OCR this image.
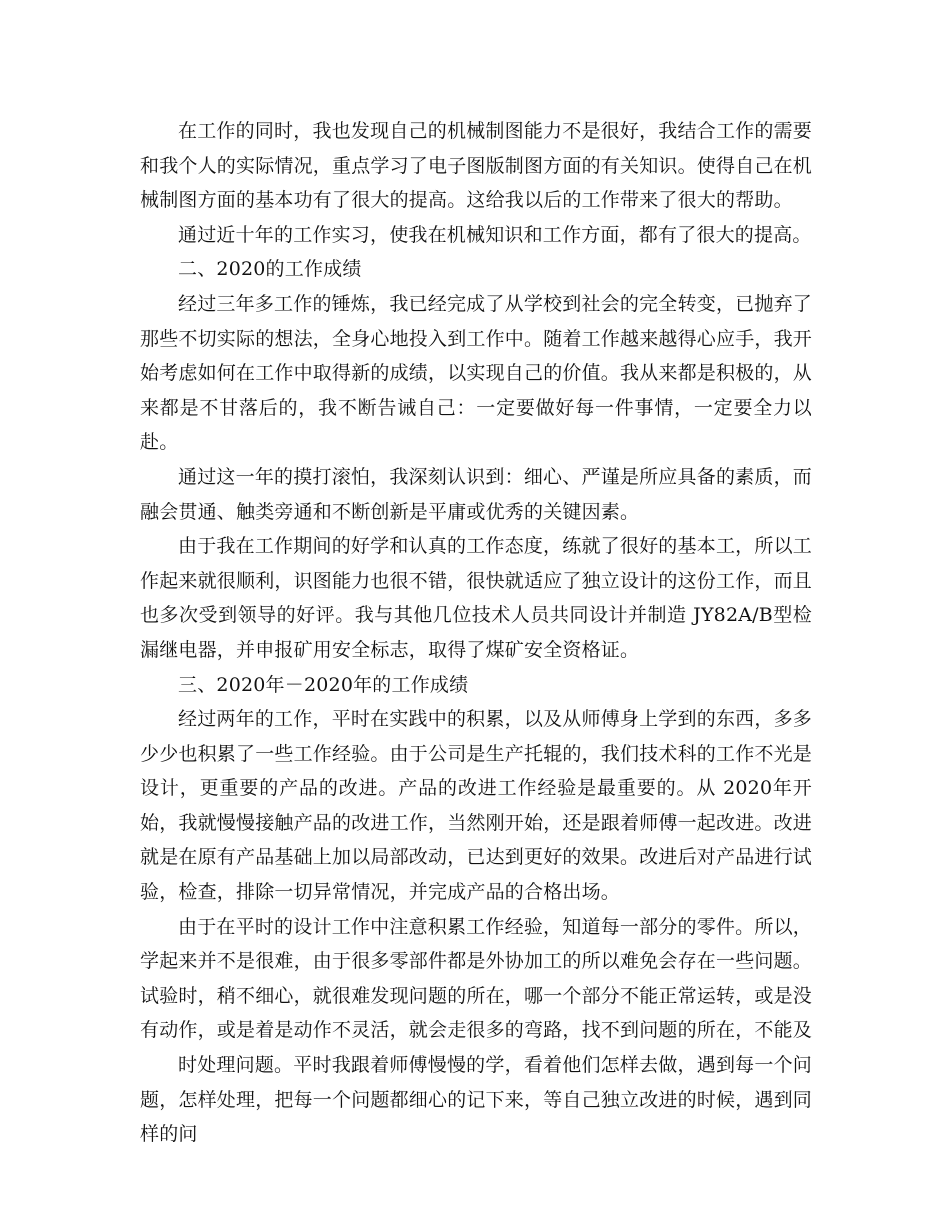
在工作的同时，我也发现自己的机械制图能力不是很好，我结合工作的需要和我个人的实际情况，重点学习了电子图版制图方面的有关知识。使得自己在机械制图方面的基本功有了很大的提高。这给我以后的工作带来了很大的帮助。

通过近十年的工作实习，使我在机械知识和工作方面，都有了很大的提高。

二、2020的工作成绩

经过三年多工作的锤炼，我已经完成了从学校到社会的完全转变，已抛弃了那些不切实际的想法，全身心地投入到工作中。随着工作越来越得心应手，我开始考虑如何在工作中取得新的成绩，以实现自己的价值。我从来都是积极的，从来都是不甘落后的，我不断告诫自己：一定要做好每一件事情，一定要全力以赴。

通过这一年的摸打滚怕，我深刻认识到：细心、严谨是所应具备的素质，而融会贯通、触类旁通和不断创新是平庸或优秀的关键因素。

由于我在工作期间的好学和认真的工作态度，练就了很好的基本工，所以工作起来就很顺利，识图能力也很不错，很快就适应了独立设计的这份工作，而且也多次受到领导的好评。我与其他几位技术人员共同设计并制造 JY82A/B型检漏继电器，并申报矿用安全标志，取得了煤矿安全资格证。

三、2020年－2020年的工作成绩

经过两年的工作，平时在实践中的积累，以及从师傅身上学到的东西，多多少少也积累了一些工作经验。由于公司是生产托辊的，我们技术科的工作不光是设计，更重要的产品的改进。产品的改进工作经验是最重要的。从 2020年开始，我就慢慢接触产品的改进工作，当然刚开始，还是跟着师傅一起改进。改进就是在原有产品基础上加以局部改动，已达到更好的效果。改进后对产品进行试验，检查，排除一切异常情况，并完成产品的合格出场。

由于在平时的设计工作中注意积累工作经验，知道每一部分的零件。所以，学起来并不是很难，由于很多零部件都是外协加工的所以难免会存在一些问题。试验时，稍不细心，就很难发现问题的所在，哪一个部分不能正常运转，或是没有动作，或是着是动作不灵活，就会走很多的弯路，找不到问题的所在，不能及

时处理问题。平时我跟着师傅慢慢的学，看着他们怎样去做，遇到每一个问题，怎样处理，把每一个问题都细心的记下来，等自己独立改进的时候，遇到同样的问
